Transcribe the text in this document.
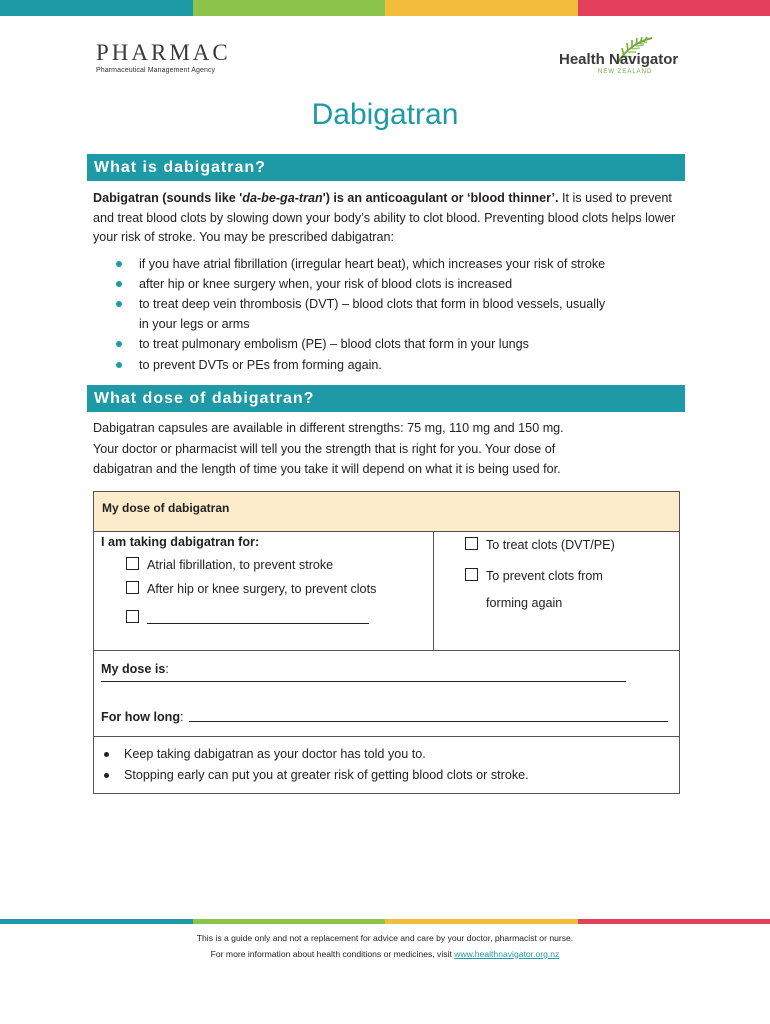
PHARMAC
Pharmaceutical Management Agency
Health Navigator
NEW ZEALAND
Dabigatran
What is dabigatran?
Dabigatran (sounds like 'da-be-ga-tran') is an anticoagulant or ‘blood thinner’. It is used to prevent and treat blood clots by slowing down your body’s ability to clot blood. Preventing blood clots helps lower your risk of stroke. You may be prescribed dabigatran:
if you have atrial fibrillation (irregular heart beat), which increases your risk of stroke
after hip or knee surgery when, your risk of blood clots is increased
to treat deep vein thrombosis (DVT) – blood clots that form in blood vessels, usually
in your legs or arms
to treat pulmonary embolism (PE) – blood clots that form in your lungs
to prevent DVTs or PEs from forming again.
What dose of dabigatran?
Dabigatran capsules are available in different strengths: 75 mg, 110 mg and 150 mg.
Your doctor or pharmacist will tell you the strength that is right for you. Your dose of
dabigatran and the length of time you take it will depend on what it is being used for.
My dose of dabigatran
I am taking dabigatran for:
Atrial fibrillation, to prevent stroke
After hip or knee surgery, to prevent clots
To treat clots (DVT/PE)
To prevent clots from
forming again
My dose is:
For how long:
Keep taking dabigatran as your doctor has told you to.
Stopping early can put you at greater risk of getting blood clots or stroke.
This is a guide only and not a replacement for advice and care by your doctor, pharmacist or nurse.
For more information about health conditions or medicines, visit www.healthnavigator.org.nz
